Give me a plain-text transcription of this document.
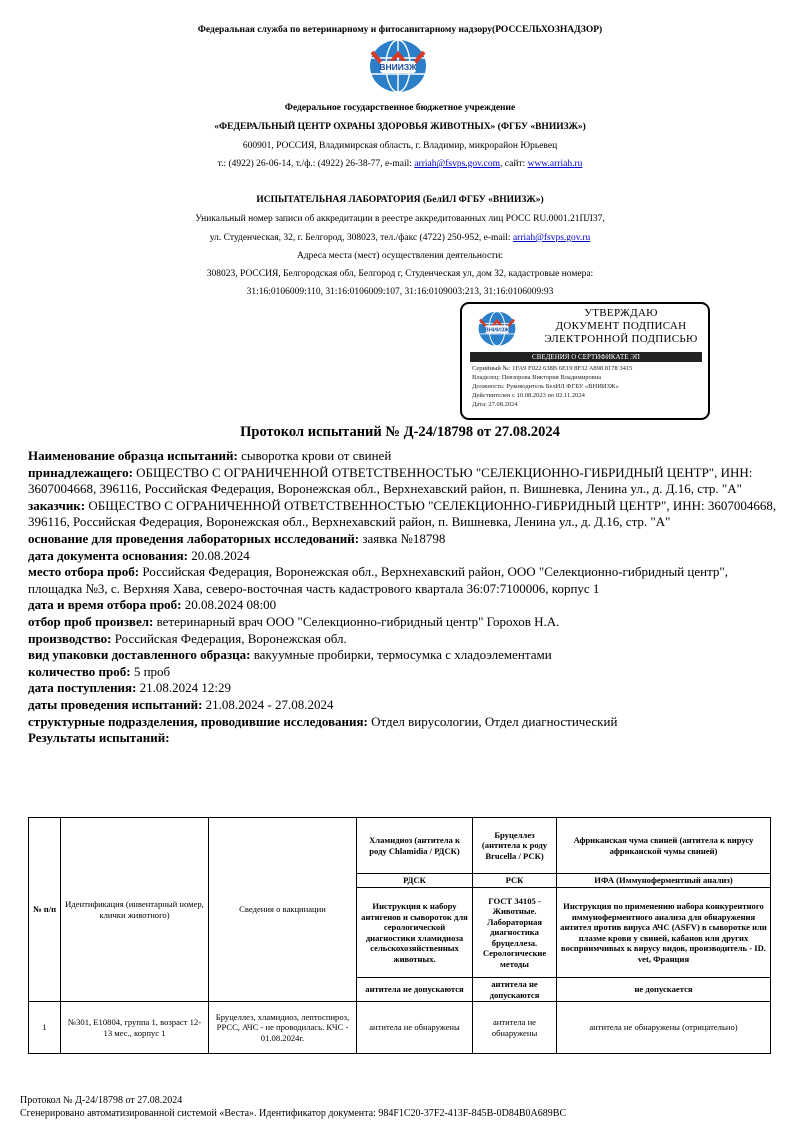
Федеральная служба по ветеринарному и фитосанитарному надзору(РОССЕЛЬХОЗНАДЗОР)
ВНИИЗЖ
Федеральное государственное бюджетное учреждение
«ФЕДЕРАЛЬНЫЙ ЦЕНТР ОХРАНЫ ЗДОРОВЬЯ ЖИВОТНЫХ» (ФГБУ «ВНИИЗЖ»)
600901, РОССИЯ, Владимирская область, г. Владимир, микрорайон Юрьевец
т.: (4922) 26-06-14, т./ф.: (4922) 26-38-77, e-mail: arriah@fsvps.gov.com, сайт: www.arriah.ru
ИСПЫТАТЕЛЬНАЯ ЛАБОРАТОРИЯ (БелИЛ ФГБУ «ВНИИЗЖ»)
Уникальный номер записи об аккредитации в реестре аккредитованных лиц РОСС RU.0001.21ПЛ37,
ул. Студенческая, 32, г. Белгород, 308023, тел./факс (4722) 250-952, e-mail: arriah@fsvps.gov.ru
Адреса места (мест) осуществления деятельности:
308023, РОССИЯ, Белгородская обл, Белгород г, Студенческая ул, дом 32, кадастровые номера:
31:16:0106009:110, 31:16:0106009:107, 31:16:0109003:213, 31:16:0106009:93
ВНИИЗЖ
УТВЕРЖДАЮ
ДОКУМЕНТ ПОДПИСАН
ЭЛЕКТРОННОЙ ПОДПИСЬЮ
СВЕДЕНИЯ О СЕРТИФИКАТЕ ЭП
Серийный №: 1FA9 F022 638B 6E19 8F32 A898 8178 3415
Владелец: Певзорова Виктория Владимировна
Должность: Руководитель БелИЛ ФГБУ «ВНИИЗЖ»
Действителен с 10.08.2023 по 02.11.2024
Дата: 27.08.2024
Протокол испытаний № Д-24/18798 от 27.08.2024

Наименование образца испытаний: сыворотка крови от свиней

принадлежащего: ОБЩЕСТВО С ОГРАНИЧЕННОЙ ОТВЕТСТВЕННОСТЬЮ "СЕЛЕКЦИОННО-ГИБРИДНЫЙ ЦЕНТР", ИНН: 3607004668, 396116, Российская Федерация, Воронежская обл., Верхнехавский район, п. Вишневка, Ленина ул., д. Д.16, стр. "А"

заказчик: ОБЩЕСТВО С ОГРАНИЧЕННОЙ ОТВЕТСТВЕННОСТЬЮ "СЕЛЕКЦИОННО-ГИБРИДНЫЙ ЦЕНТР", ИНН: 3607004668, 396116, Российская Федерация, Воронежская обл., Верхнехавский район, п. Вишневка, Ленина ул., д. Д.16, стр. "А"

основание для проведения лабораторных исследований: заявка №18798

дата документа основания: 20.08.2024

место отбора проб: Российская Федерация, Воронежская обл., Верхнехавский район, ООО "Селекционно-гибридный центр", площадка №3, с. Верхняя Хава, северо-восточная часть кадастрового квартала 36:07:7100006, корпус 1

дата и время отбора проб: 20.08.2024 08:00

отбор проб произвел: ветеринарный врач ООО "Селекционно-гибридный центр" Горохов Н.А.

производство: Российская Федерация, Воронежская обл.

вид упаковки доставленного образца: вакуумные пробирки, термосумка с хладоэлементами

количество проб: 5 проб

дата поступления: 21.08.2024 12:29

даты проведения испытаний: 21.08.2024 - 27.08.2024

структурные подразделения, проводившие исследования: Отдел вирусологии, Отдел диагностический

Результаты испытаний:

№ п/п	Идентификация (инвентарный номер, клички животного)	Сведения о вакцинации	Хламидиоз (антитела к роду Chlamidia / РДСК)	Бруцеллез (антитела к роду Brucella / РСК)	Африканская чума свиней (антитела к вирусу африканской чумы свиней)
			РДСК	РСК	ИФА (Иммуноферментный анализ)
			Инструкция к набору антигенов и сывороток для серологической диагностики хламидиоза сельскохозяйственных животных.	ГОСТ 34105 - Животные. Лабораторная диагностика бруцеллеза. Серологические методы	Инструкция по применению набора конкурентного иммуноферментного анализа для обнаружения антител против вируса АЧС (ASFV) в сыворотке или плазме крови у свиней, кабанов или других восприимчивых к вирусу видов, производитель - ID. vet, Франция
			антитела не допускаются	антитела не допускаются	не допускается
1	№301, Е10804, группа 1, возраст 12-13 мес., корпус 1	Бруцеллез, хламидиоз, лептоспироз, РРСС, АЧС - не проводилась. КЧС - 01.08.2024г.	антитела не обнаружены	антитела не обнаружены	антитела не обнаружены (отрицательно)
Протокол № Д-24/18798 от 27.08.2024
Сгенерировано автоматизированной системой «Веста». Идентификатор документа: 984F1C20-37F2-413F-845B-0D84B0A689BC
